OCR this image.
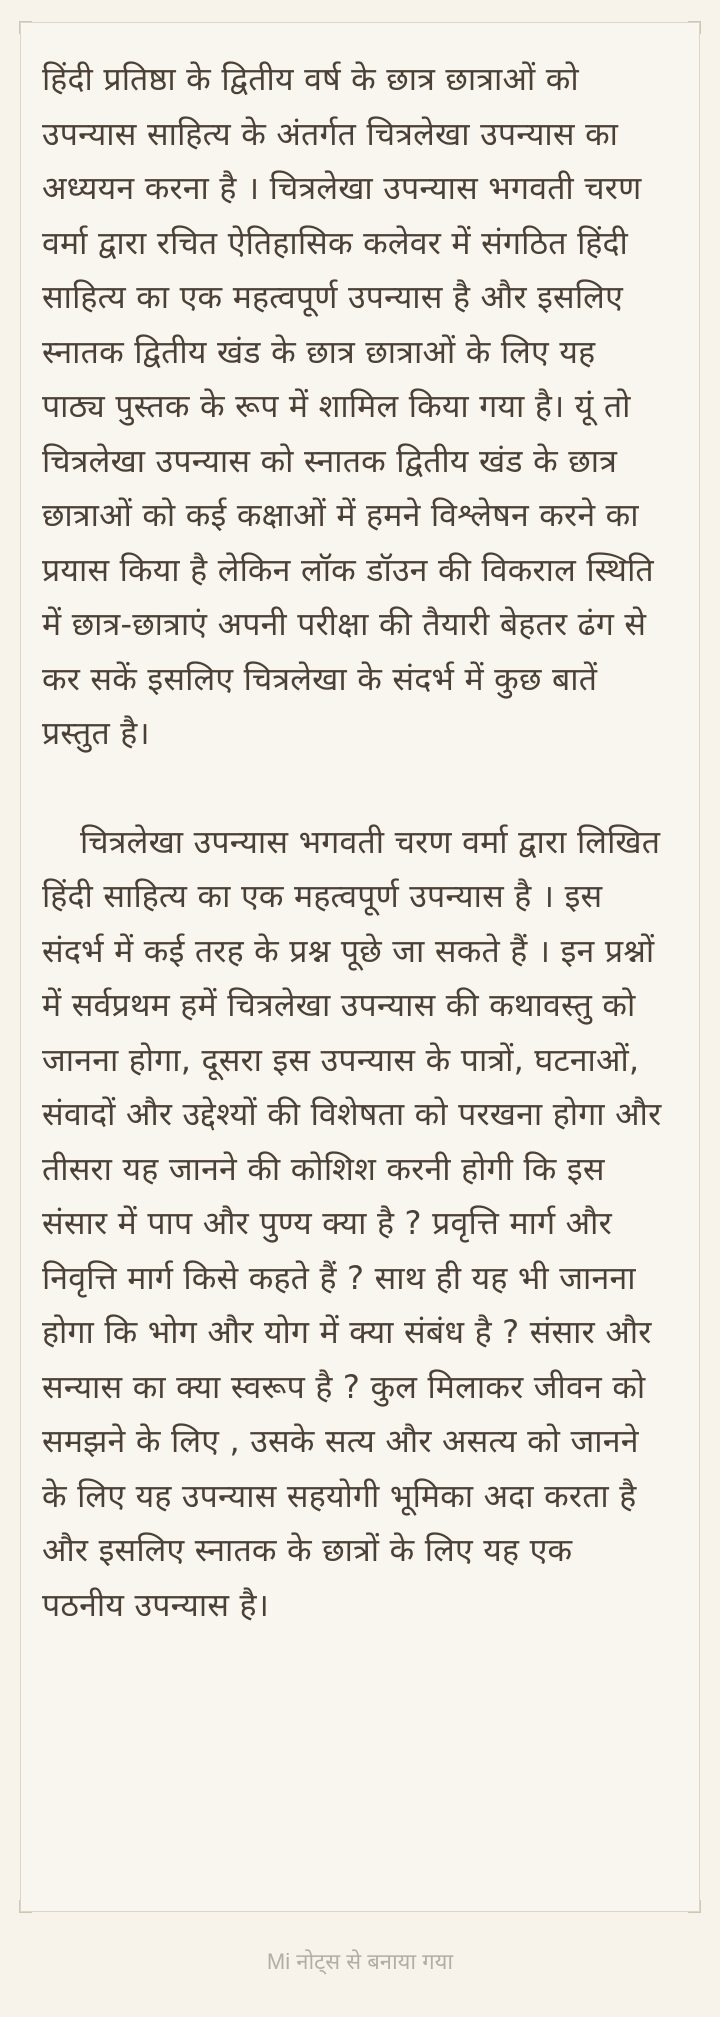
हिंदी प्रतिष्ठा के द्वितीय वर्ष के छात्र छात्राओं को उपन्यास साहित्य के अंतर्गत चित्रलेखा उपन्यास का अध्ययन करना है । चित्रलेखा उपन्यास भगवती चरण वर्मा द्वारा रचित ऐतिहासिक कलेवर में संगठित हिंदी साहित्य का एक महत्वपूर्ण उपन्यास है और इसलिए स्नातक द्वितीय खंड के छात्र छात्राओं के लिए यह पाठ्य पुस्तक के रूप में शामिल किया गया है। यूं तो चित्रलेखा उपन्यास को स्नातक द्वितीय खंड के छात्र छात्राओं को कई कक्षाओं में हमने विश्लेषन करने का प्रयास किया है लेकिन लॉक डॉउन की विकराल स्थिति में छात्र-छात्राएं अपनी परीक्षा की तैयारी बेहतर ढंग से कर सकें इसलिए चित्रलेखा के संदर्भ में कुछ बातें प्रस्तुत है।

चित्रलेखा उपन्यास भगवती चरण वर्मा द्वारा लिखित हिंदी साहित्य का एक महत्वपूर्ण उपन्यास है । इस संदर्भ में कई तरह के प्रश्न पूछे जा सकते हैं । इन प्रश्नों में सर्वप्रथम हमें चित्रलेखा उपन्यास की कथावस्तु को जानना होगा, दूसरा इस उपन्यास के पात्रों, घटनाओं, संवादों और उद्देश्यों की विशेषता को परखना होगा और तीसरा यह जानने की कोशिश करनी होगी कि इस संसार में पाप और पुण्य क्या है ? प्रवृत्ति मार्ग और निवृत्ति मार्ग किसे कहते हैं ? साथ ही यह भी जानना होगा कि भोग और योग में क्या संबंध है ? संसार और सन्यास का क्या स्वरूप है ? कुल मिलाकर जीवन को समझने के लिए , उसके सत्य और असत्य को जानने के लिए यह उपन्यास सहयोगी भूमिका अदा करता है और इसलिए स्नातक के छात्रों के लिए यह एक पठनीय उपन्यास है।

Mi नोट्स से बनाया गया
